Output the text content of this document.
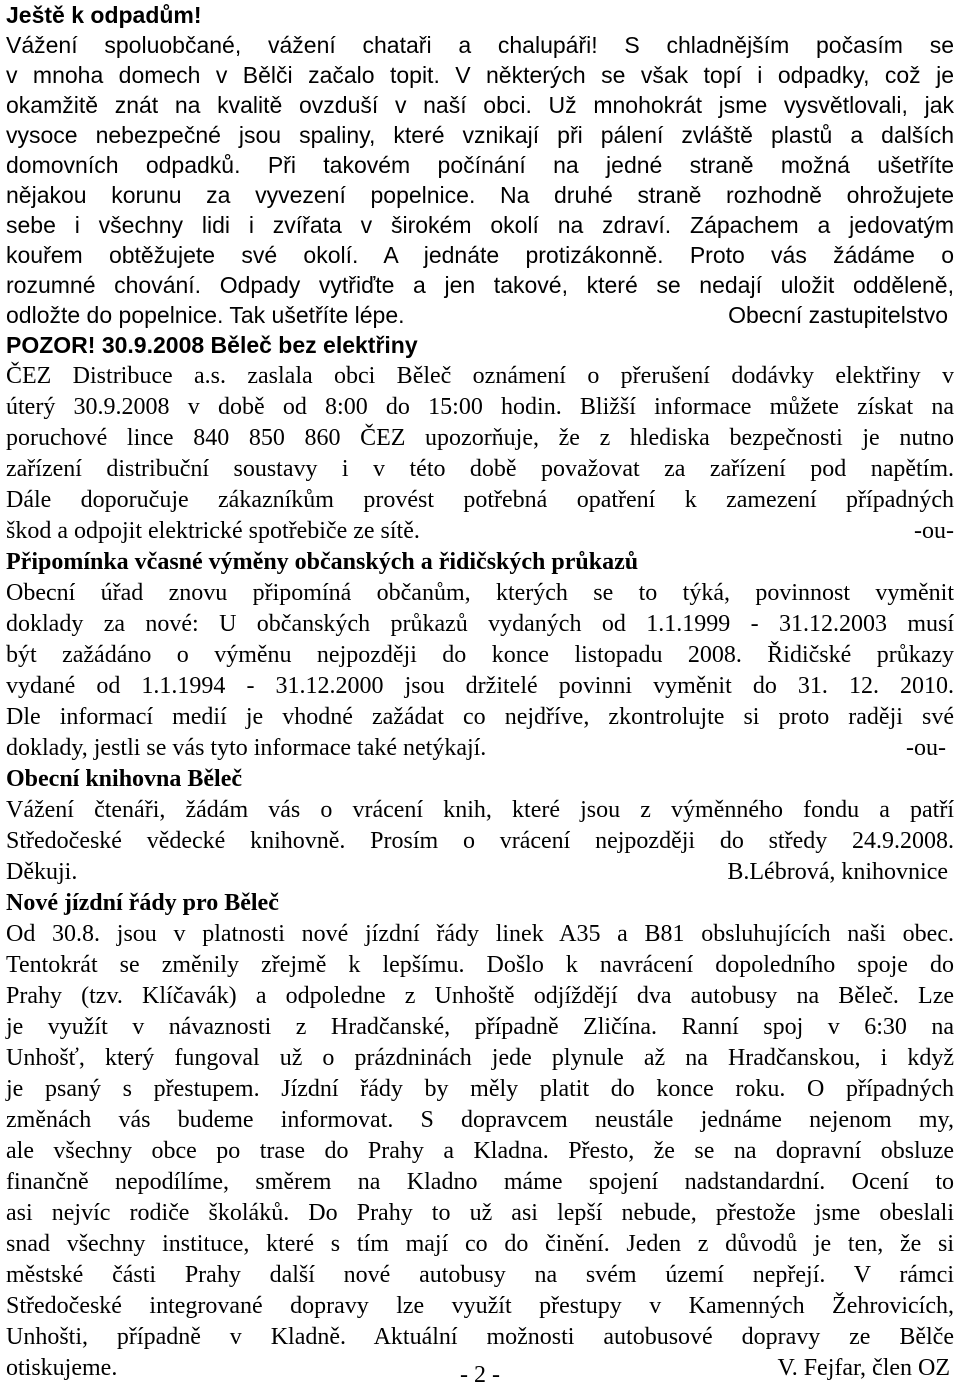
Ještě k odpadům!
Vážení spoluobčané, vážení chataři a chalupáři! S chladnějším počasím se
v mnoha domech v Bělči začalo topit. V některých se však topí i odpadky, což je
okamžitě znát na kvalitě ovzduší v naší obci. Už mnohokrát jsme vysvětlovali, jak
vysoce nebezpečné jsou spaliny, které vznikají při pálení zvláště plastů a dalších
domovních odpadků. Při takovém počínání na jedné straně možná ušetříte
nějakou korunu za vyvezení popelnice. Na druhé straně rozhodně ohrožujete
sebe i všechny lidi i zvířata v širokém okolí na zdraví. Zápachem a jedovatým
kouřem obtěžujete své okolí. A jednáte protizákonně. Proto vás žádáme o
rozumné chování. Odpady vytřiďte a jen takové, které se nedají uložit odděleně,
odložte do popelnice. Tak ušetříte lépe.	Obecní zastupitelstvo
POZOR! 30.9.2008 Běleč bez elektřiny
ČEZ Distribuce a.s. zaslala obci Běleč oznámení o přerušení dodávky elektřiny v
úterý 30.9.2008 v době od 8:00 do 15:00 hodin. Bližší informace můžete získat na
poruchové lince 840 850 860 ČEZ upozorňuje, že z hlediska bezpečnosti je nutno
zařízení distribuční soustavy i v této době považovat za zařízení pod napětím.
Dále doporučuje zákazníkům provést potřebná opatření k zamezení případných
škod a odpojit elektrické spotřebiče ze sítě.	-ou-
Připomínka včasné výměny občanských a řidičských průkazů
Obecní úřad znovu připomíná občanům, kterých se to týká, povinnost vyměnit
doklady za nové: U občanských průkazů vydaných od 1.1.1999 - 31.12.2003 musí
být zažádáno o výměnu nejpozději do konce listopadu 2008. Řidičské průkazy
vydané od 1.1.1994 - 31.12.2000 jsou držitelé povinni vyměnit do 31. 12. 2010.
Dle informací medií je vhodné zažádat co nejdříve, zkontrolujte si proto raději své
doklady, jestli se vás tyto informace také netýkají.	-ou-
Obecní knihovna Běleč
Vážení čtenáři, žádám vás o vrácení knih, které jsou z výměnného fondu a patří
Středočeské vědecké knihovně. Prosím o vrácení nejpozději do středy 24.9.2008.
Děkuji.	B.Lébrová, knihovnice
Nové jízdní řády pro Běleč
Od 30.8. jsou v platnosti nové jízdní řády linek A35 a B81 obsluhujících naši obec.
Tentokrát se změnily zřejmě k lepšímu. Došlo k navrácení dopoledního spoje do
Prahy (tzv. Klíčavák) a odpoledne z Unhoště odjíždějí dva autobusy na Běleč. Lze
je využít v návaznosti z Hradčanské, případně Zličína. Ranní spoj v 6:30 na
Unhošť, který fungoval už o prázdninách jede plynule až na Hradčanskou, i když
je psaný s přestupem. Jízdní řády by měly platit do konce roku. O případných
změnách vás budeme informovat. S dopravcem neustále jednáme nejenom my,
ale všechny obce po trase do Prahy a Kladna. Přesto, že se na dopravní obsluze
finančně nepodílíme, směrem na Kladno máme spojení nadstandardní. Ocení to
asi nejvíc rodiče školáků. Do Prahy to už asi lepší nebude, přestože jsme obeslali
snad všechny instituce, které s tím mají co do činění. Jeden z důvodů je ten, že si
městské části Prahy další nové autobusy na svém území nepřejí. V rámci
Středočeské integrované dopravy lze využít přestupy v Kamenných Žehrovicích,
Unhošti, případně v Kladně. Aktuální možnosti autobusové dopravy ze Bělče
otiskujeme.	V. Fejfar, člen OZ
- 2 -
